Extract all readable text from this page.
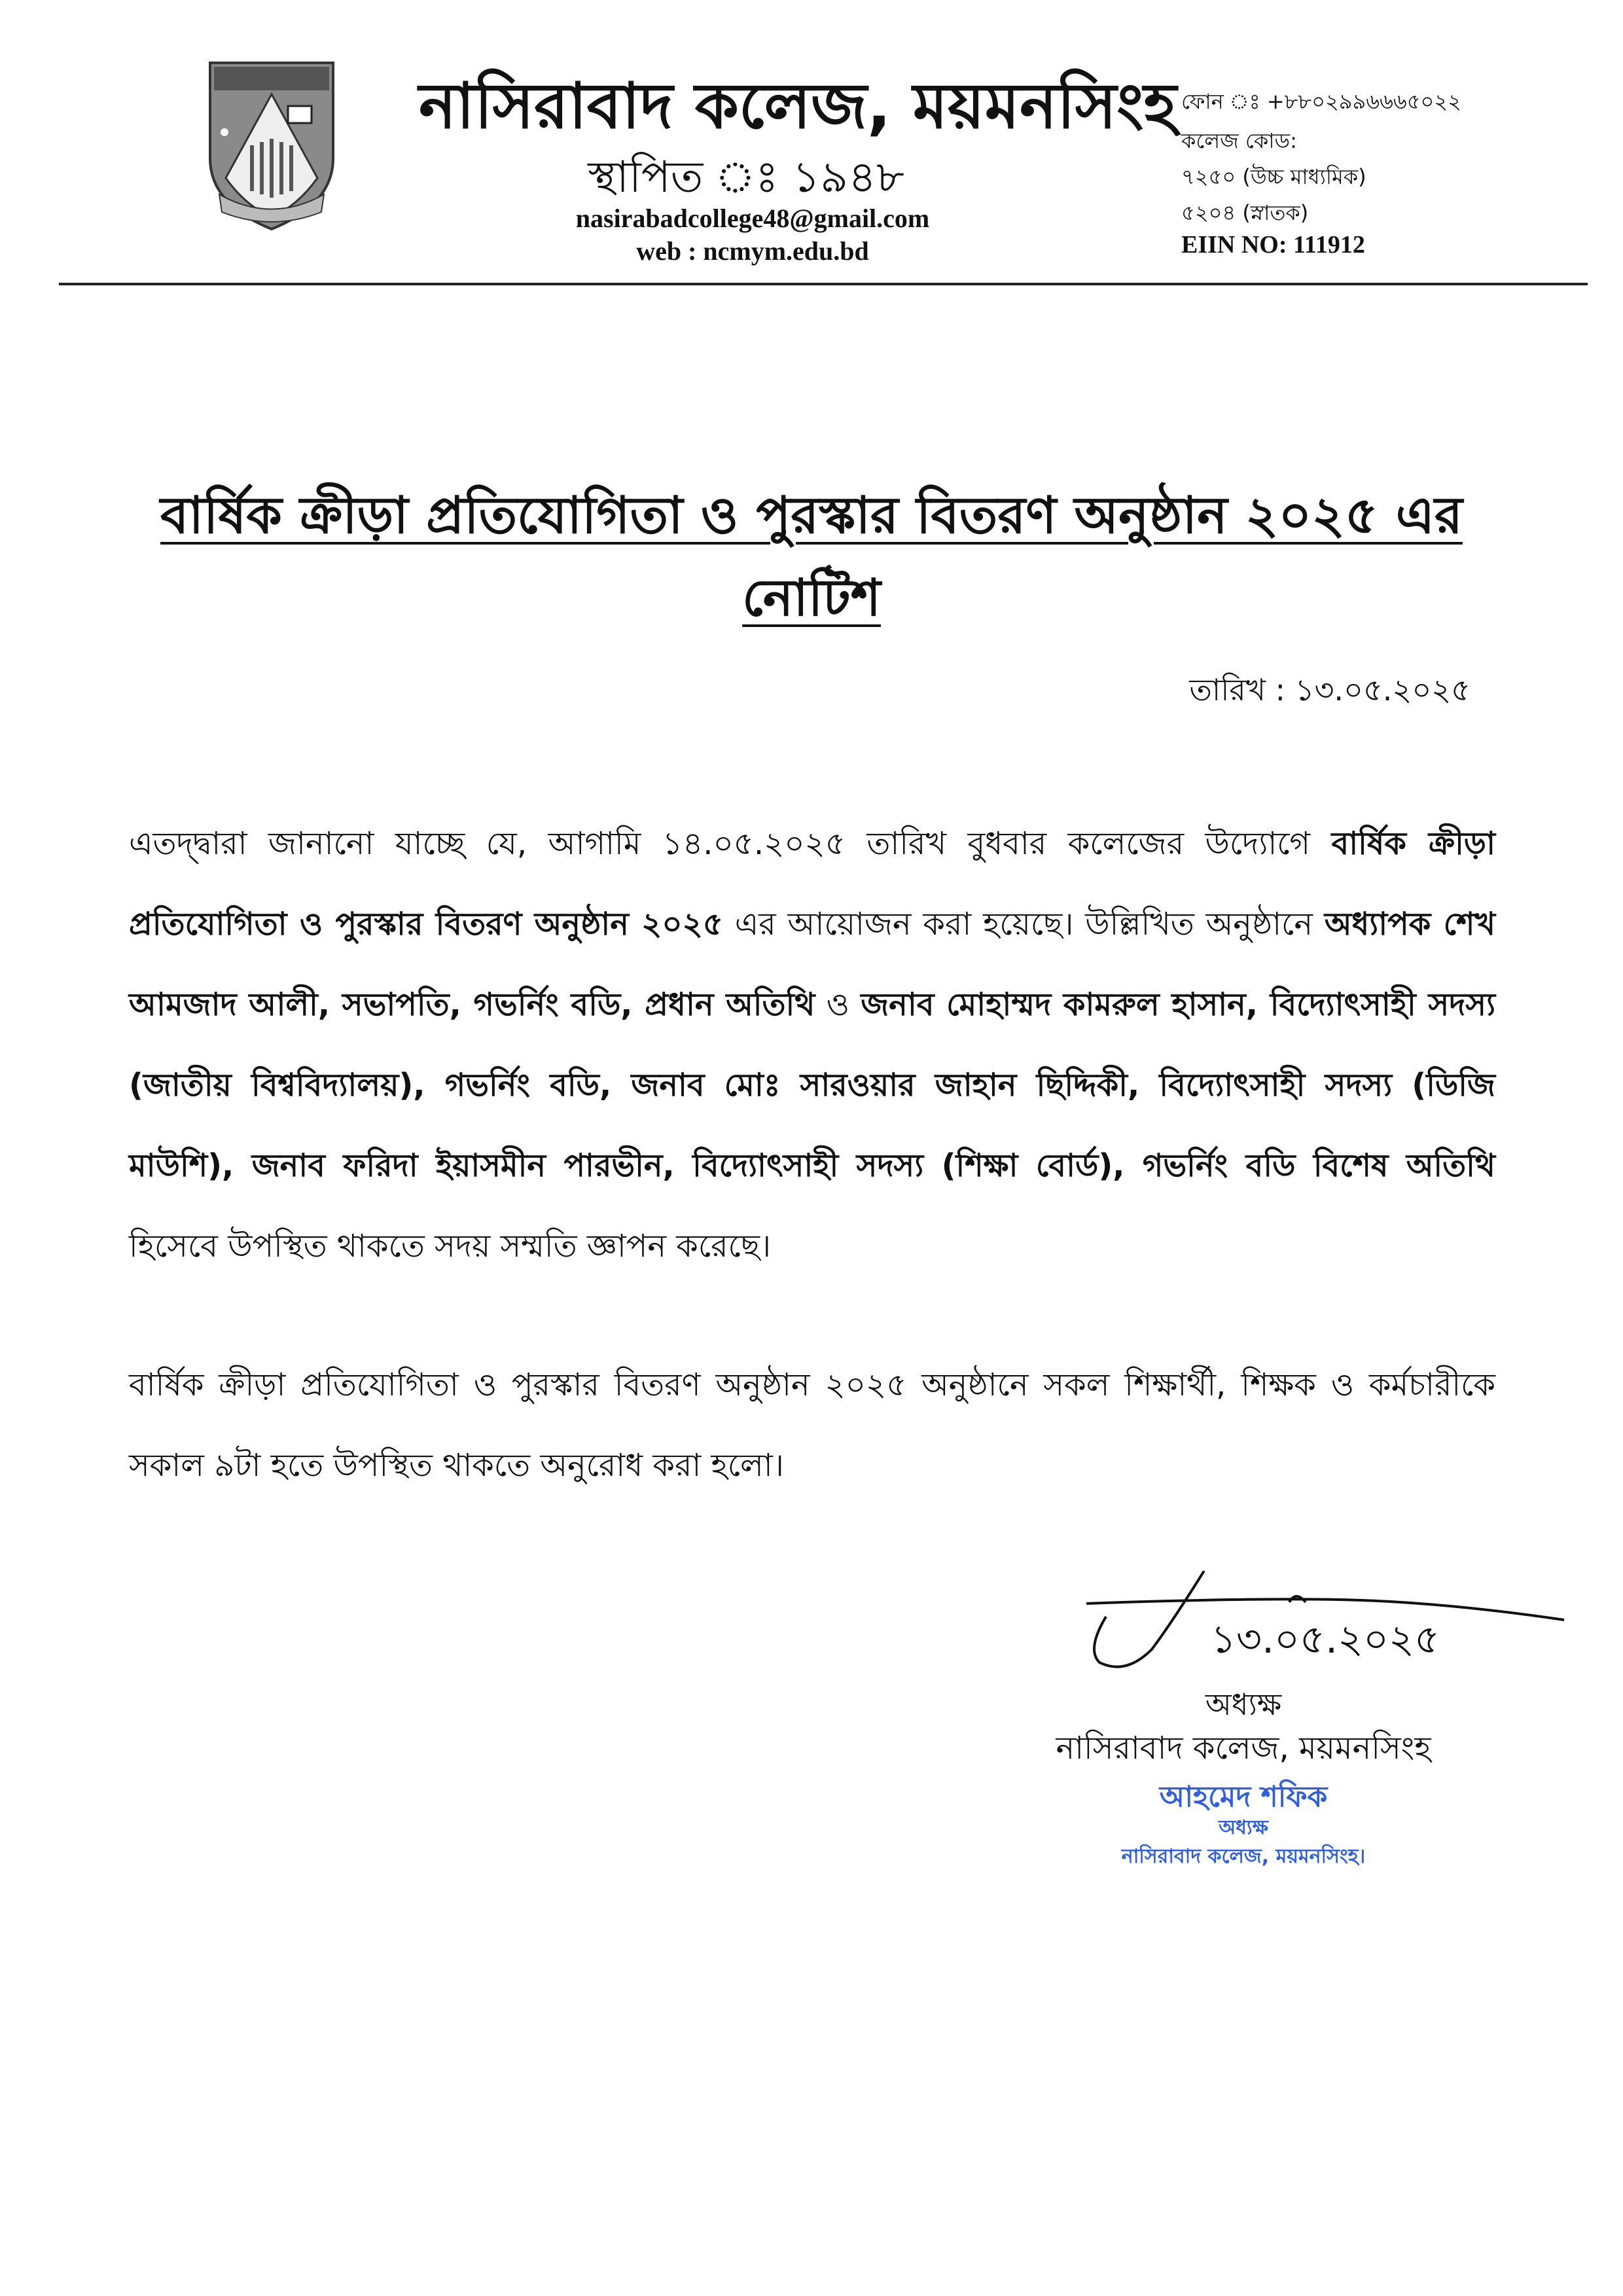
নাসিরাবাদ কলেজ, ময়মনসিংহ
স্থাপিত ঃ ১৯৪৮
nasirabadcollege48@gmail.com
web : ncmym.edu.bd
ফোন ঃ +৮৮০২৯৯৬৬৬৫০২২
কলেজ কোড:
৭২৫০ (উচ্চ মাধ্যমিক)
৫২০৪ (স্নাতক)
EIIN NO: 111912
বার্ষিক ক্রীড়া প্রতিযোগিতা ও পুরস্কার বিতরণ অনুষ্ঠান ২০২৫ এর
নোটিশ
তারিখ : ১৩.০৫.২০২৫
এতদ্দ্বারা জানানো যাচ্ছে যে, আগামি ১৪.০৫.২০২৫ তারিখ বুধবার কলেজের উদ্যোগে বার্ষিক ক্রীড়া প্রতিযোগিতা ও পুরস্কার বিতরণ অনুষ্ঠান ২০২৫ এর আয়োজন করা হয়েছে। উল্লিখিত অনুষ্ঠানে অধ্যাপক শেখ আমজাদ আলী, সভাপতি, গভর্নিং বডি, প্রধান অতিথি ও জনাব মোহাম্মদ কামরুল হাসান, বিদ্যোৎসাহী সদস্য (জাতীয় বিশ্ববিদ্যালয়), গভর্নিং বডি, জনাব মোঃ সারওয়ার জাহান ছিদ্দিকী, বিদ্যোৎসাহী সদস্য (ডিজি মাউশি), জনাব ফরিদা ইয়াসমীন পারভীন, বিদ্যোৎসাহী সদস্য (শিক্ষা বোর্ড), গভর্নিং বডি বিশেষ অতিথি হিসেবে উপস্থিত থাকতে সদয় সম্মতি জ্ঞাপন করেছে।
বার্ষিক ক্রীড়া প্রতিযোগিতা ও পুরস্কার বিতরণ অনুষ্ঠান ২০২৫ অনুষ্ঠানে সকল শিক্ষার্থী, শিক্ষক ও কর্মচারীকে সকাল ৯টা হতে উপস্থিত থাকতে অনুরোধ করা হলো।
১৩.০৫.২০২৫
অধ্যক্ষ
নাসিরাবাদ কলেজ, ময়মনসিংহ
আহমেদ শফিক
অধ্যক্ষ
নাসিরাবাদ কলেজ, ময়মনসিংহ।
